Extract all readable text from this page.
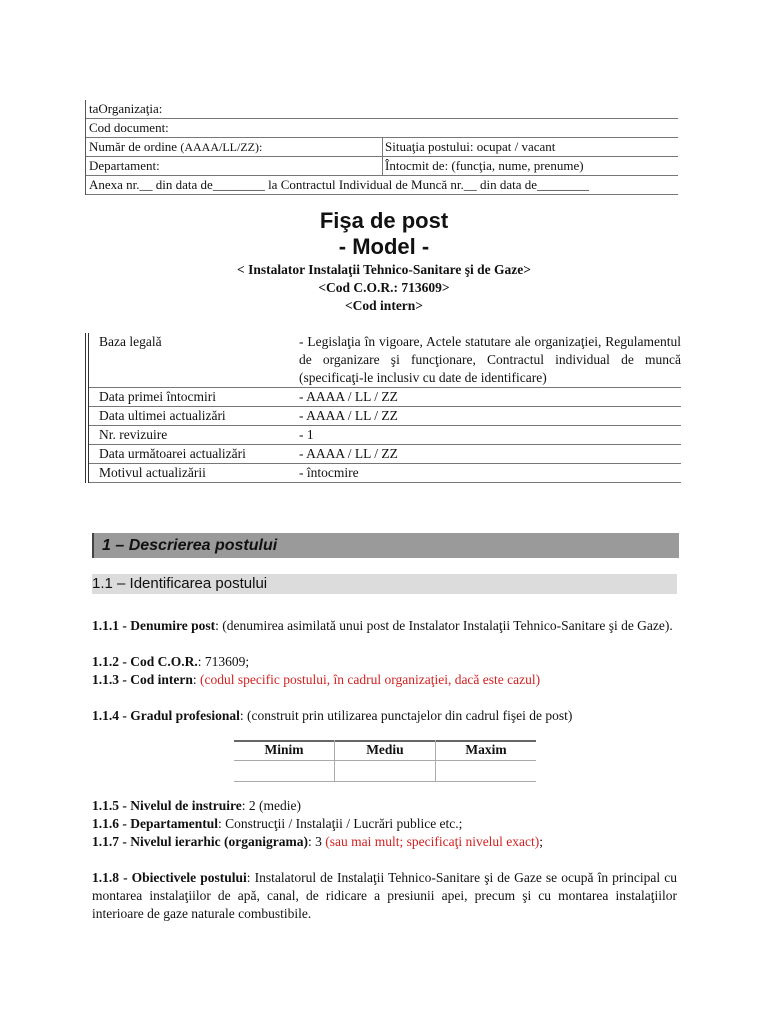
taOrganizaţia:
Cod document:
Număr de ordine (AAAA/LL/ZZ):	Situaţia postului: ocupat / vacant
Departament:	Întocmit de: (funcţia, nume, prenume)
Anexa nr.__ din data de________ la Contractul Individual de Muncă nr.__ din data de________
Fişa de post
- Model -
< Instalator Instalaţii Tehnico-Sanitare şi de Gaze>
<Cod C.O.R.: 713609>
<Cod intern>
Baza legală	- Legislaţia în vigoare, Actele statutare ale organizaţiei, Regulamentul de organizare şi funcţionare, Contractul individual de muncă (specificaţi-le inclusiv cu date de identificare)
Data primei întocmiri	- AAAA / LL / ZZ
Data ultimei actualizări	- AAAA / LL / ZZ
Nr. revizuire	- 1
Data următoarei actualizări	- AAAA / LL / ZZ
Motivul actualizării	- întocmire
1 – Descrierea postului
1.1 – Identificarea postului
1.1.1 - Denumire post: (denumirea asimilată unui post de Instalator Instalaţii Tehnico-Sanitare şi de Gaze).
1.1.2 - Cod C.O.R.: 713609;
1.1.3 - Cod intern: (codul specific postului, în cadrul organizaţiei, dacă este cazul)
1.1.4 - Gradul profesional: (construit prin utilizarea punctajelor din cadrul fişei de post)
Minim	Mediu	Maxim

1.1.5 - Nivelul de instruire: 2 (medie)
1.1.6 - Departamentul: Construcţii / Instalaţii / Lucrări publice etc.;
1.1.7 - Nivelul ierarhic (organigrama): 3 (sau mai mult; specificaţi nivelul exact);
1.1.8 - Obiectivele postului: Instalatorul de Instalaţii Tehnico-Sanitare şi de Gaze se ocupă în principal cu montarea instalaţiilor de apă, canal, de ridicare a presiunii apei, precum şi cu montarea instalaţiilor interioare de gaze naturale combustibile.
